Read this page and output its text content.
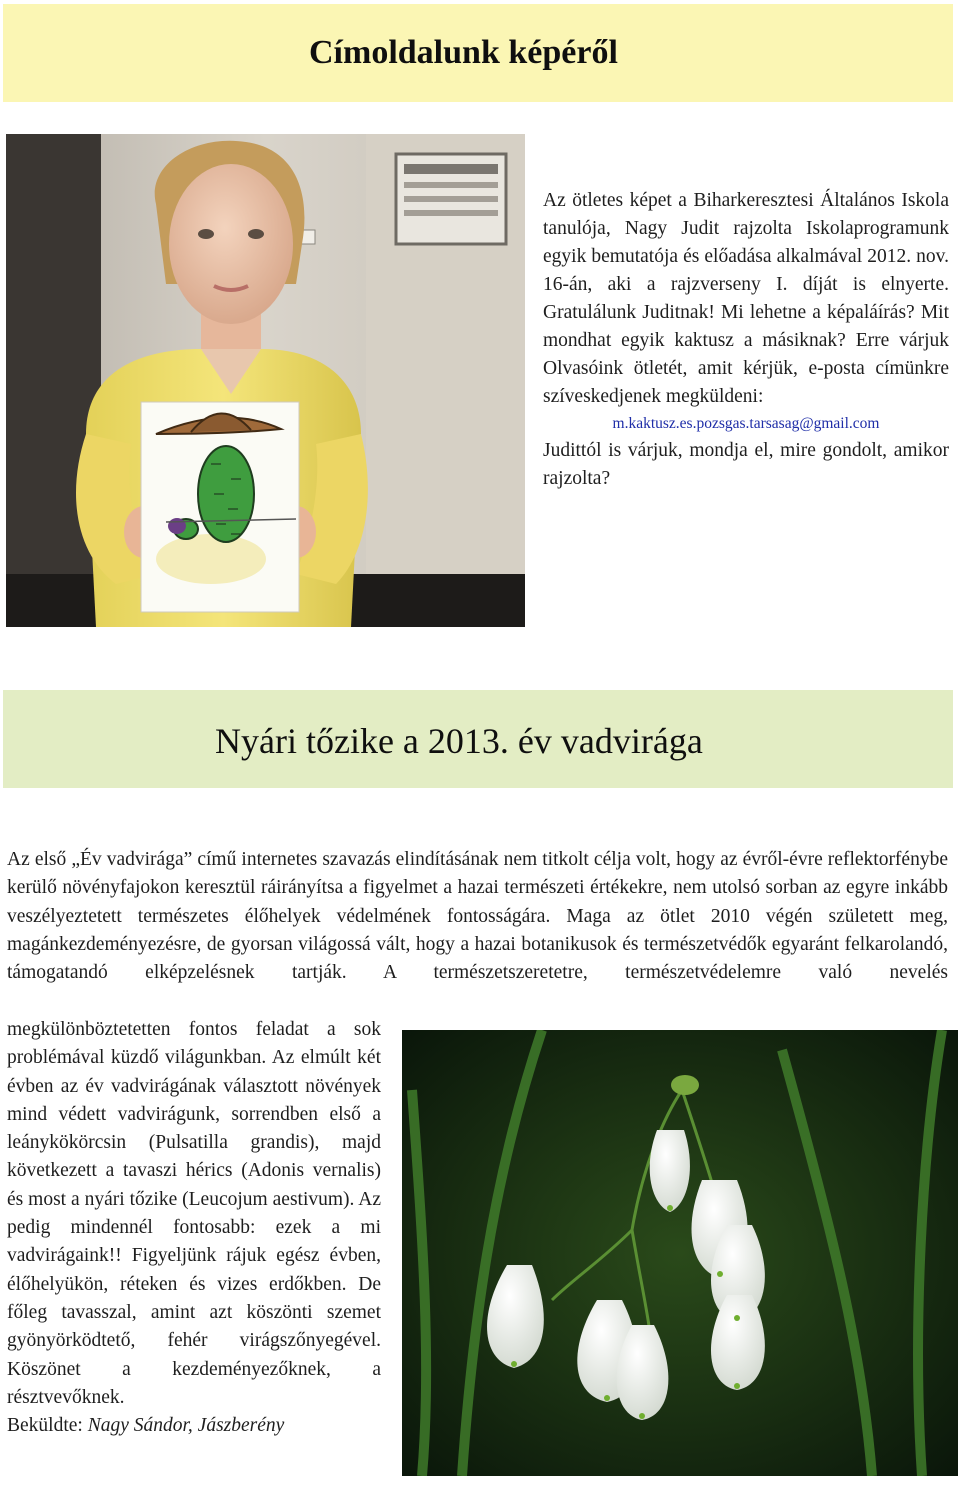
Címoldalunk képéről

Az ötletes képet a Biharkeresztesi Általános Iskola tanulója, Nagy Judit rajzolta Iskolaprogramunk egyik bemutatója és előadása alkalmával 2012. nov. 16-án, aki a rajzverseny I. díját is elnyerte. Gratulálunk Juditnak! Mi lehetne a képaláírás? Mit mondhat egyik kaktusz a másiknak? Erre várjuk Olvasóink ötletét, amit kérjük, e-posta címünkre szíveskedjenek megküldeni:

m.kaktusz.es.pozsgas.tarsasag@gmail.com

Judittól is várjuk, mondja el, mire gondolt, amikor rajzolta?

Nyári tőzike a 2013. év vadvirága

Az első „Év vadvirága” című internetes szavazás elindításának nem titkolt célja volt, hogy az évről-évre reflektorfénybe kerülő növényfajokon keresztül ráirányítsa a figyelmet a hazai természeti értékekre, nem utolsó sorban az egyre inkább veszélyeztetett természetes élőhelyek védelmének fontosságára. Maga az ötlet 2010 végén született meg, magánkezdeményezésre, de gyorsan világossá vált, hogy a hazai botanikusok és természetvédők egyaránt felkarolandó, támogatandó elképzelésnek tartják. A természetszeretetre, természetvédelemre való nevelés

megkülönböztetetten fontos feladat a sok problémával küzdő világunkban. Az elmúlt két évben az év vadvirágának választott növények mind védett vadvirágunk, sorrendben első a leánykökörcsin (Pulsatilla grandis), majd következett a tavaszi hérics (Adonis vernalis) és most a nyári tőzike (Leucojum aestivum). Az pedig mindennél fontosabb: ezek a mi vadvirágaink!! Figyeljünk rájuk egész évben, élőhelyükön, réteken és vizes erdőkben. De főleg tavasszal, amint azt köszönti szemet gyönyörködtető, fehér virágszőnyegével. Köszönet a kezdeményezőknek, a résztvevőknek.

Beküldte: Nagy Sándor, Jászberény
